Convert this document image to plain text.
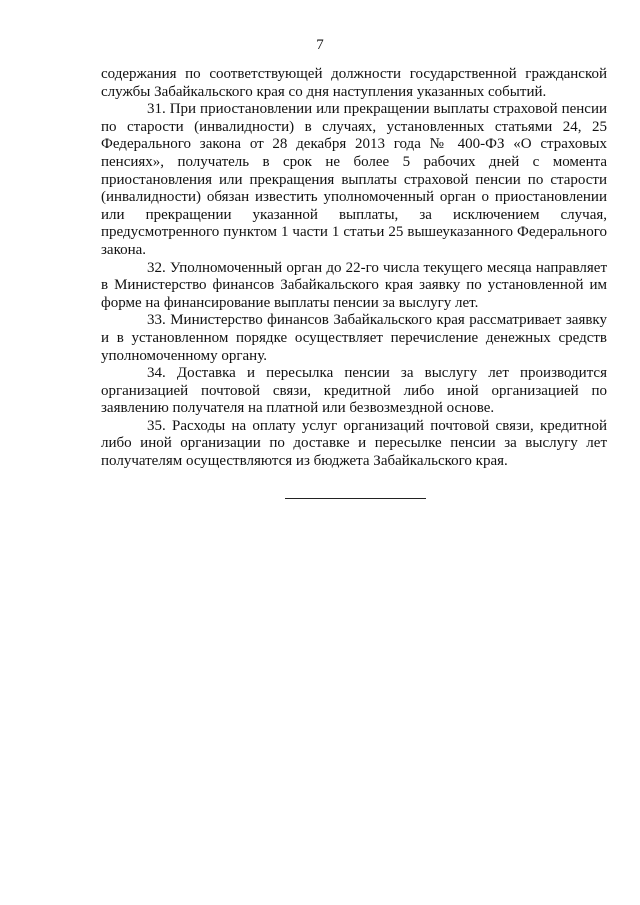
7

содержания по соответствующей должности государственной гражданской службы Забайкальского края со дня наступления указанных событий.

31. При приостановлении или прекращении выплаты страховой пенсии по старости (инвалидности) в случаях, установленных статьями 24, 25 Федерального закона от 28 декабря 2013 года № 400-ФЗ «О страховых пенсиях», получатель в срок не более 5 рабочих дней с момента приостановления или прекращения выплаты страховой пенсии по старости (инвалидности) обязан известить уполномоченный орган о приостановлении или прекращении указанной выплаты, за исключением случая, предусмотренного пунктом 1 части 1 статьи 25 вышеуказанного Федерального закона.

32. Уполномоченный орган до 22-го числа текущего месяца направляет в Министерство финансов Забайкальского края заявку по установленной им форме на финансирование выплаты пенсии за выслугу лет.

33. Министерство финансов Забайкальского края рассматривает заявку и в установленном порядке осуществляет перечисление денежных средств уполномоченному органу.

34. Доставка и пересылка пенсии за выслугу лет производится организацией почтовой связи, кредитной либо иной организацией по заявлению получателя на платной или безвозмездной основе.

35. Расходы на оплату услуг организаций почтовой связи, кредитной либо иной организации по доставке и пересылке пенсии за выслугу лет получателям осуществляются из бюджета Забайкальского края.
